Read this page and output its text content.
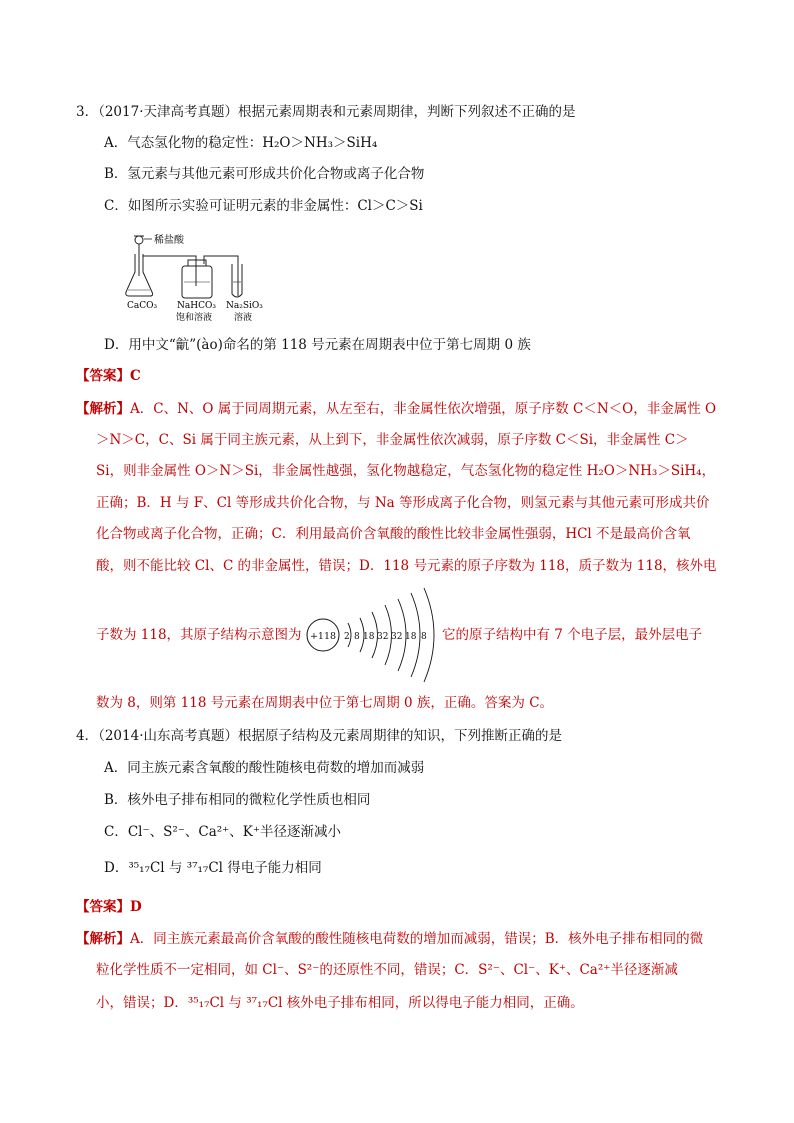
3．（2017·天津高考真题）根据元素周期表和元素周期律，判断下列叙述不正确的是
A．气态氢化物的稳定性：H₂O＞NH₃＞SiH₄
B．氢元素与其他元素可形成共价化合物或离子化合物
C．如图所示实验可证明元素的非金属性：Cl＞C＞Si
稀盐酸
CaCO₃ NaHCO₃
饱和溶液
Na₂SiO₃
溶液
D．用中文“䶳”(ào)命名的第 118 号元素在周期表中位于第七周期 0 族
【答案】C
【解析】A．C、N、O 属于同周期元素，从左至右，非金属性依次增强，原子序数 C＜N＜O，非金属性 O
＞N＞C，C、Si 属于同主族元素，从上到下，非金属性依次减弱，原子序数 C＜Si，非金属性 C＞
Si，则非金属性 O＞N＞Si，非金属性越强，氢化物越稳定，气态氢化物的稳定性 H₂O＞NH₃＞SiH₄，
正确；B．H 与 F、Cl 等形成共价化合物，与 Na 等形成离子化合物，则氢元素与其他元素可形成共价
化合物或离子化合物，正确；C．利用最高价含氧酸的酸性比较非金属性强弱，HCl 不是最高价含氧
酸，则不能比较 Cl、C 的非金属性，错误；D．118 号元素的原子序数为 118，质子数为 118，核外电
子数为 118，其原子结构示意图为 +118 2 8 18 32 32 18 8 它的原子结构中有 7 个电子层，最外层电子
数为 8，则第 118 号元素在周期表中位于第七周期 0 族，正确。答案为 C。
4．（2014·山东高考真题）根据原子结构及元素周期律的知识，下列推断正确的是
A．同主族元素含氧酸的酸性随核电荷数的增加而减弱
B．核外电子排布相同的微粒化学性质也相同
C．Cl⁻、S²⁻、Ca²⁺、K⁺半径逐渐减小
D．³⁵₁₇Cl 与 ³⁷₁₇Cl 得电子能力相同
【答案】D
【解析】A．同主族元素最高价含氧酸的酸性随核电荷数的增加而减弱，错误；B．核外电子排布相同的微
粒化学性质不一定相同，如 Cl⁻、S²⁻的还原性不同，错误；C．S²⁻、Cl⁻、K⁺、Ca²⁺半径逐渐减
小，错误；D．³⁵₁₇Cl 与 ³⁷₁₇Cl 核外电子排布相同，所以得电子能力相同，正确。
